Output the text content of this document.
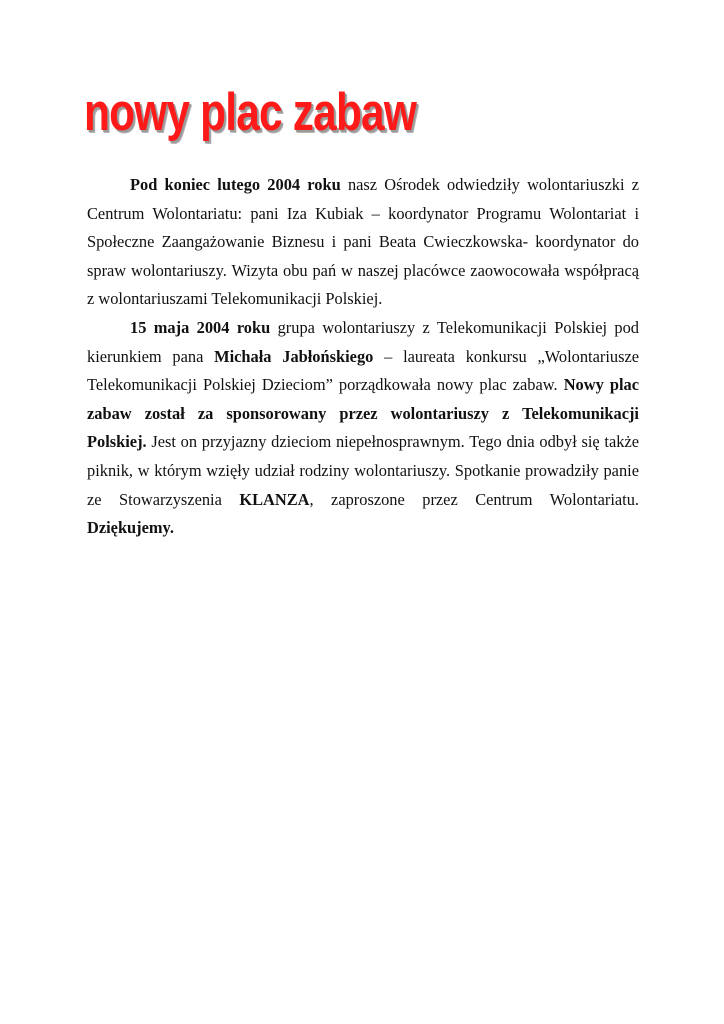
nowy plac zabaw

Pod koniec lutego 2004 roku nasz Ośrodek odwiedziły wolontariuszki z Centrum Wolontariatu: pani Iza Kubiak – koordynator Programu Wolontariat i Społeczne Zaangażowanie Biznesu i pani Beata Cwieczkowska- koordynator do spraw wolontariuszy. Wizyta obu pań w naszej placówce zaowocowała współpracą z wolontariuszami Telekomunikacji Polskiej.

15 maja 2004 roku grupa wolontariuszy z Telekomunikacji Polskiej pod kierunkiem pana Michała Jabłońskiego – laureata konkursu „Wolontariusze Telekomunikacji Polskiej Dzieciom” porządkowała nowy plac zabaw. Nowy plac zabaw został za sponsorowany przez wolontariuszy z Telekomunikacji Polskiej. Jest on przyjazny dzieciom niepełnosprawnym. Tego dnia odbył się także piknik, w którym wzięły udział rodziny wolontariuszy. Spotkanie prowadziły panie ze Stowarzyszenia KLANZA, zaproszone przez Centrum Wolontariatu. Dziękujemy.
